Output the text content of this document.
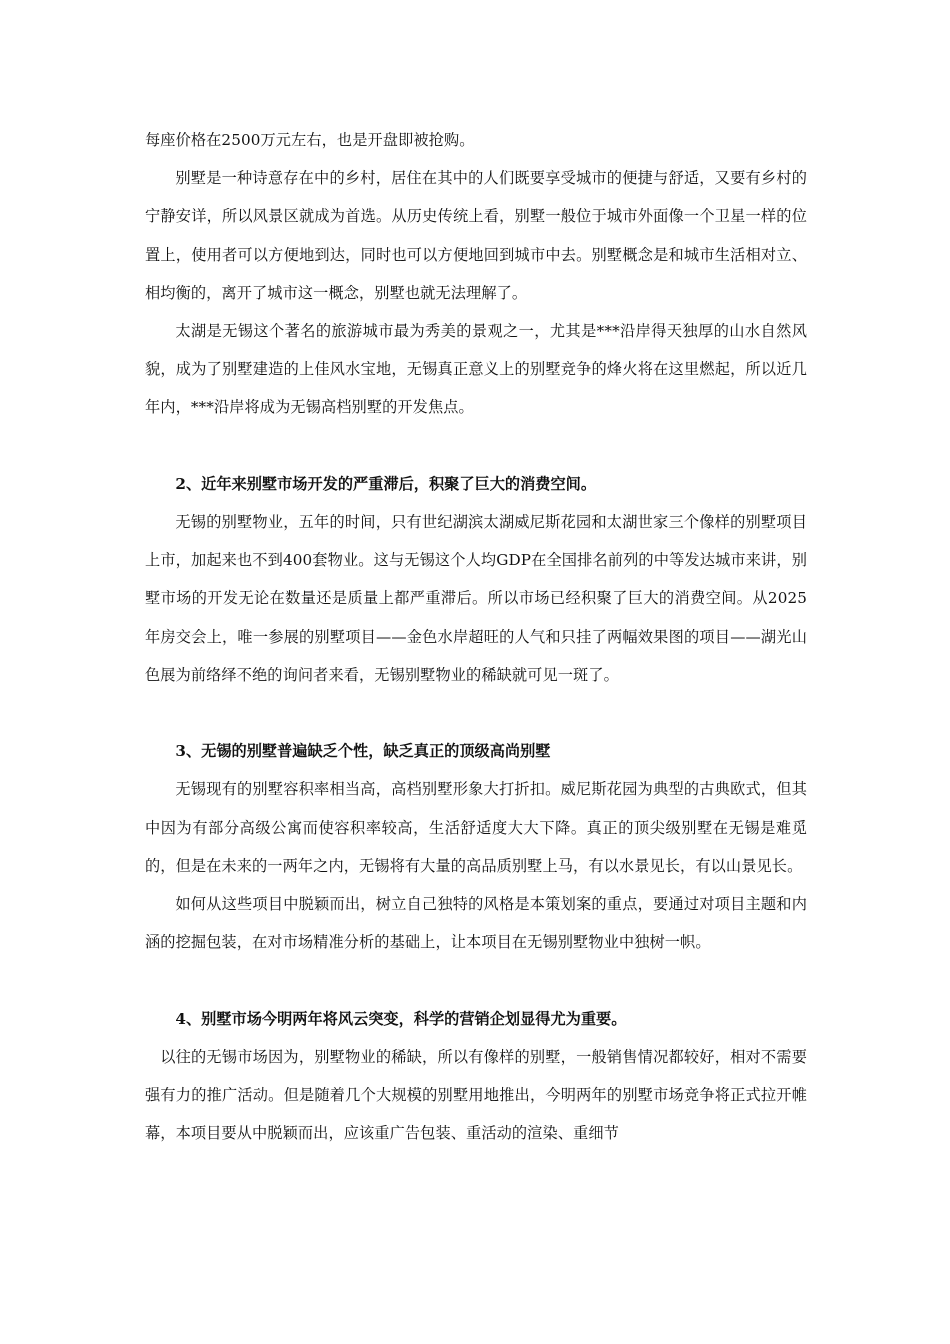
每座价格在2500万元左右，也是开盘即被抢购。

别墅是一种诗意存在中的乡村，居住在其中的人们既要享受城市的便捷与舒适，又要有乡村的宁静安详，所以风景区就成为首选。从历史传统上看，别墅一般位于城市外面像一个卫星一样的位置上，使用者可以方便地到达，同时也可以方便地回到城市中去。别墅概念是和城市生活相对立、相均衡的，离开了城市这一概念，别墅也就无法理解了。

太湖是无锡这个著名的旅游城市最为秀美的景观之一，尤其是***沿岸得天独厚的山水自然风貌，成为了别墅建造的上佳风水宝地，无锡真正意义上的别墅竞争的烽火将在这里燃起，所以近几年内，***沿岸将成为无锡高档别墅的开发焦点。

2、近年来别墅市场开发的严重滞后，积聚了巨大的消费空间。

无锡的别墅物业，五年的时间，只有世纪湖滨太湖威尼斯花园和太湖世家三个像样的别墅项目上市，加起来也不到400套物业。这与无锡这个人均GDP在全国排名前列的中等发达城市来讲，别墅市场的开发无论在数量还是质量上都严重滞后。所以市场已经积聚了巨大的消费空间。从2025年房交会上，唯一参展的别墅项目——金色水岸超旺的人气和只挂了两幅效果图的项目——湖光山色展为前络绎不绝的询问者来看，无锡别墅物业的稀缺就可见一斑了。

3、无锡的别墅普遍缺乏个性，缺乏真正的顶级高尚别墅

无锡现有的别墅容积率相当高，高档别墅形象大打折扣。威尼斯花园为典型的古典欧式，但其中因为有部分高级公寓而使容积率较高，生活舒适度大大下降。真正的顶尖级别墅在无锡是难觅的，但是在未来的一两年之内，无锡将有大量的高品质别墅上马，有以水景见长，有以山景见长。

如何从这些项目中脱颖而出，树立自己独特的风格是本策划案的重点，要通过对项目主题和内涵的挖掘包装，在对市场精准分析的基础上，让本项目在无锡别墅物业中独树一帜。

4、别墅市场今明两年将风云突变，科学的营销企划显得尤为重要。

以往的无锡市场因为，别墅物业的稀缺，所以有像样的别墅，一般销售情况都较好，相对不需要强有力的推广活动。但是随着几个大规模的别墅用地推出，今明两年的别墅市场竞争将正式拉开帷幕，本项目要从中脱颖而出，应该重广告包装、重活动的渲染、重细节
